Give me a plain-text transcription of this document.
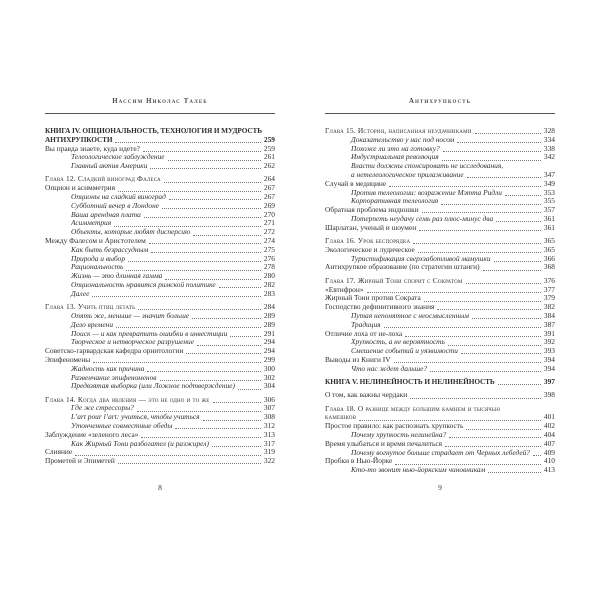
Нассим Николас Талеб
КНИГА IV. ОПЦИОНАЛЬНОСТЬ, ТЕХНОЛОГИЯ И МУДРОСТЬ
АНТИХРУПКОСТИ	259
Вы правда знаете, куда идете?	259
Телеологическое заблуждение	261
Главный актив Америки	262
Глава 12. Сладкий виноград Фалеса	264
Опцион и асимметрия	267
Опционы на сладкий виноград	267
Субботний вечер в Лондоне	269
Ваша арендная плата	270
Асимметрия	271
Объекты, которые любят дисперсию	272
Между Фалесом и Аристотелем	274
Как быть безрассудным	275
Природа и выбор	276
Рациональность	278
Жизнь — это длинная гамма	280
Опциональность нравится римской политике	282
Далее	283
Глава 13. Учить птиц летать	284
Опять же, меньше — значит больше	289
Дело времени	289
Поиск — и как превратить ошибки в инвестиции	291
Творческое и нетворческое разрушение	294
Советско-гарвардская кафедра орнитологии	294
Эпифеномены	299
Жадность как причина	300
Развенчание эпифеноменов	302
Предвзятая выборка (или Ложное подтверждение)	304
Глава 14. Когда два явления — это не одно и то же	306
Где же стрессоры?	307
L’art pour l’art: учиться, чтобы учиться	308
Утонченные совместные обеды	312
Заблуждение «зеленого леса»	313
Как Жирный Тони разбогател (и разжирел)	317
Слияние	319
Прометей и Эпиметей	322
8
Антихрупкость
Глава 15. История, написанная неудачниками	328
Доказательство у нас под носом	334
Похоже ли это на готовку?	338
Индустриальная революция	342
Власти должны спонсировать не исследования,
а нетелеологическое прилаживание	347
Случай в медицине	349
Против телеологии: возражение Мэтта Ридли	353
Корпоративная телеология	355
Обратная проблема индюшки	357
Потерпеть неудачу семь раз плюс-минус два	361
Шарлатан, ученый и шоумен	361
Глава 16. Урок беспорядка	365
Экологическое и лудическое	365
Туристификация сверхзаботливой мамушки	366
Антихрупкое образование (по стратегии штанги)	368
Глава 17. Жирный Тони спорит с Сократом	376
«Евтифрон»	377
Жирный Тони против Сократа	379
Господство дефинитивного знания	382
Путая непонятное с неосмысленным	384
Традиция	387
Отличие лоха от не-лоха	391
Хрупкость, а не вероятность	392
Смешение событий и уязвимости	393
Выводы из Книги IV	394
Что нас ждет дальше?	394
КНИГА V. НЕЛИНЕЙНОСТЬ И НЕЛИНЕЙНОСТЬ	397
О том, как важны чердаки	398
Глава 18. О разнице между большим камнем и тысячью
камешков	401
Простое правило: как распознать хрупкость	402
Почему хрупкость нелинейна?	404
Время улыбаться и время печалиться	407
Почему вогнутое больше страдает от Черных лебедей? 409
Пробки в Нью-Йорке	410
Кто-то звонит нью-йоркским чиновникам	413
9
